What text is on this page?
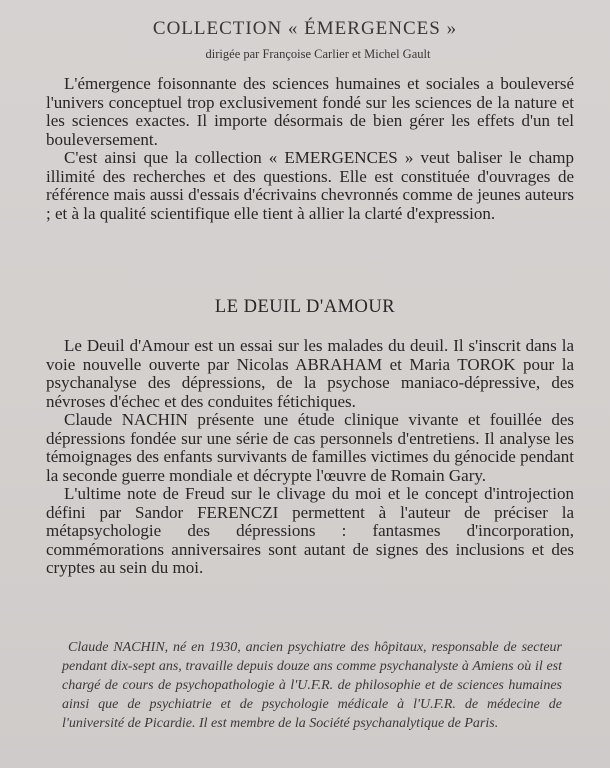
COLLECTION « ÉMERGENCES »
dirigée par Françoise Carlier et Michel Gault

L'émergence foisonnante des sciences humaines et sociales a bouleversé l'univers conceptuel trop exclusivement fondé sur les sciences de la nature et les sciences exactes. Il importe désormais de bien gérer les effets d'un tel bouleversement.

C'est ainsi que la collection « EMERGENCES » veut baliser le champ illimité des recherches et des questions. Elle est constituée d'ouvrages de référence mais aussi d'essais d'écrivains chevronnés comme de jeunes auteurs ; et à la qualité scientifique elle tient à allier la clarté d'expression.

LE DEUIL D'AMOUR

Le Deuil d'Amour est un essai sur les malades du deuil. Il s'inscrit dans la voie nouvelle ouverte par Nicolas ABRAHAM et Maria TOROK pour la psychanalyse des dépressions, de la psychose maniaco-dépressive, des névroses d'échec et des conduites fétichiques.

Claude NACHIN présente une étude clinique vivante et fouillée des dépressions fondée sur une série de cas personnels d'entretiens. Il analyse les témoignages des enfants survivants de familles victimes du génocide pendant la seconde guerre mondiale et décrypte l'œuvre de Romain Gary.

L'ultime note de Freud sur le clivage du moi et le concept d'introjection défini par Sandor FERENCZI permettent à l'auteur de préciser la métapsychologie des dépressions : fantasmes d'incorporation, commémorations anniversaires sont autant de signes des inclusions et des cryptes au sein du moi.

Claude NACHIN, né en 1930, ancien psychiatre des hôpitaux, responsable de secteur pendant dix-sept ans, travaille depuis douze ans comme psychanalyste à Amiens où il est chargé de cours de psychopathologie à l'U.F.R. de philosophie et de sciences humaines ainsi que de psychiatrie et de psychologie médicale à l'U.F.R. de médecine de l'université de Picardie. Il est membre de la Société psychanalytique de Paris.
